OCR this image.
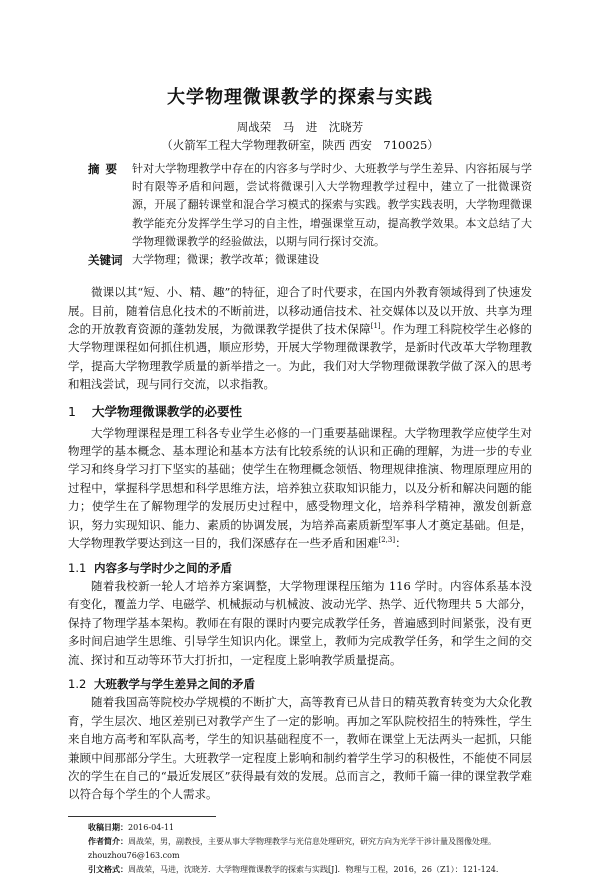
大学物理微课教学的探索与实践
周战荣　马　进　沈晓芳
（火箭军工程大学物理教研室，陕西 西安　710025）
摘要 针对大学物理教学中存在的内容多与学时少、大班教学与学生差异、内容拓展与学时有限等矛盾和问题，尝试将微课引入大学物理教学过程中，建立了一批微课资源，开展了翻转课堂和混合学习模式的探索与实践。教学实践表明，大学物理微课教学能充分发挥学生学习的自主性，增强课堂互动，提高教学效果。本文总结了大学物理微课教学的经验做法，以期与同行探讨交流。
关键词 大学物理；微课；教学改革；微课建设

微课以其“短、小、精、趣”的特征，迎合了时代要求，在国内外教育领域得到了快速发展。目前，随着信息化技术的不断前进，以移动通信技术、社交媒体以及以开放、共享为理念的开放教育资源的蓬勃发展，为微课教学提供了技术保障[1]。作为理工科院校学生必修的大学物理课程如何抓住机遇，顺应形势，开展大学物理微课教学，是新时代改革大学物理教学，提高大学物理教学质量的新举措之一。为此，我们对大学物理微课教学做了深入的思考和粗浅尝试，现与同行交流，以求指教。

1 大学物理微课教学的必要性

大学物理课程是理工科各专业学生必修的一门重要基础课程。大学物理教学应使学生对物理学的基本概念、基本理论和基本方法有比较系统的认识和正确的理解，为进一步的专业学习和终身学习打下坚实的基础；使学生在物理概念领悟、物理规律推演、物理原理应用的过程中，掌握科学思想和科学思维方法，培养独立获取知识能力，以及分析和解决问题的能力；使学生在了解物理学的发展历史过程中，感受物理文化，培养科学精神，激发创新意识，努力实现知识、能力、素质的协调发展，为培养高素质新型军事人才奠定基础。但是，大学物理教学要达到这一目的，我们深感存在一些矛盾和困难[2,3]：

1.1 内容多与学时少之间的矛盾

随着我校新一轮人才培养方案调整，大学物理课程压缩为 116 学时。内容体系基本没有变化，覆盖力学、电磁学、机械振动与机械波、波动光学、热学、近代物理共 5 大部分，保持了物理学基本架构。教师在有限的课时内要完成教学任务，普遍感到时间紧张，没有更多时间启迪学生思维、引导学生知识内化。课堂上，教师为完成教学任务，和学生之间的交流、探讨和互动等环节大打折扣，一定程度上影响教学质量提高。

1.2 大班教学与学生差异之间的矛盾

随着我国高等院校办学规模的不断扩大，高等教育已从昔日的精英教育转变为大众化教育，学生层次、地区差别已对教学产生了一定的影响。再加之军队院校招生的特殊性，学生来自地方高考和军队高考，学生的知识基础程度不一，教师在课堂上无法两头一起抓，只能兼顾中间那部分学生。大班教学一定程度上影响和制约着学生学习的积极性，不能使不同层次的学生在自己的“最近发展区”获得最有效的发展。总而言之，教师千篇一律的课堂教学难以符合每个学生的个人需求。

收稿日期：2016-04-11
作者简介：周战荣，男，副教授，主要从事大学物理教学与光信息处理研究，研究方向为光学干涉计量及图像处理。zhouzhou76@163.com
引文格式：周战荣，马进，沈晓芳．大学物理微课教学的探索与实践[J]．物理与工程，2016，26（Z1）：121-124.
